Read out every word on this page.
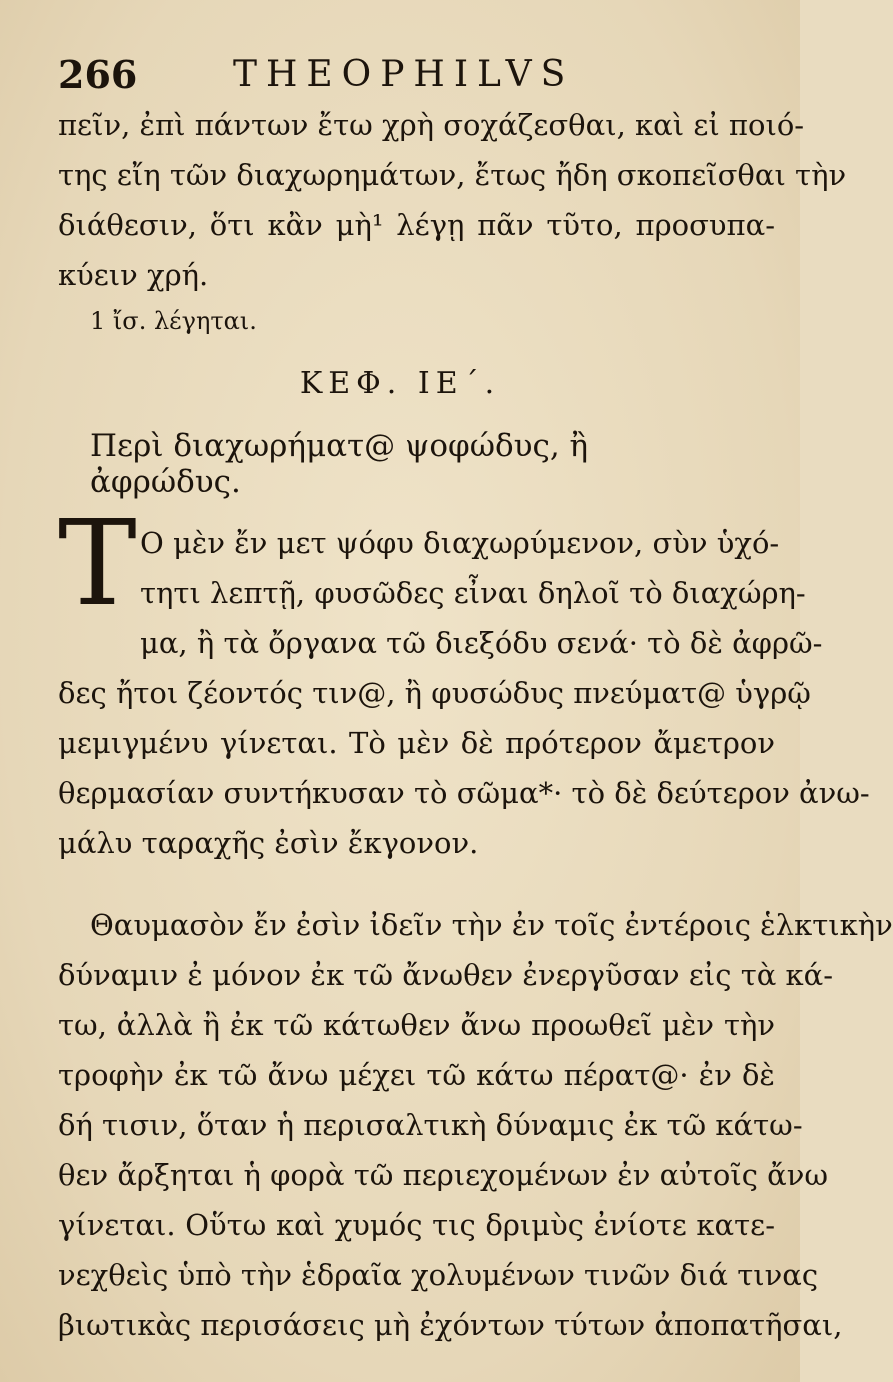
266	THEOPHILVS
πεῖν, ἐπὶ πάντων ἔτω χρὴ σοχάζεσθαι, καὶ εἰ ποιό-
της εἴη τῶν διαχωρημάτων, ἔτως ἤδη σκοπεῖσθαι τὴν
διάθεσιν, ὅτι κἂν μὴ¹ λέγῃ πᾶν τῦτο, προσυπα-
κύειν χρή.
1 ἴσ. λέγηται.
ΚΕΦ. ΙΕ΄.
Περὶ διαχωρήματ@ ψοφώδυς, ἢ ἀφρώδυς.
T Ο μὲν ἔν μετ ψόφυ διαχωρύμενον, σὺν ὑχό-
τητι λεπτῇ, φυσῶδες εἶναι δηλοῖ τὸ διαχώρη-
μα, ἢ τὰ ὄργανα τῶ διεξόδυ σενά· τὸ δὲ ἀφρῶ-
δες ἤτοι ζέοντός τιν@, ἢ φυσώδυς πνεύματ@ ὑγρῷ
μεμιγμένυ γίνεται. Τὸ μὲν δὲ πρότερον ἄμετρον
θερμασίαν συντήκυσαν τὸ σῶμα*· τὸ δὲ δεύτερον ἀνω-
μάλυ ταραχῆς ἐσὶν ἔκγονον.
Θαυμασὸν ἔν ἐσὶν ἰδεῖν τὴν ἐν τοῖς ἐντέροις ἑλκτικὴν
δύναμιν ἐ μόνον ἐκ τῶ ἄνωθεν ἐνεργῦσαν εἰς τὰ κά-
τω, ἀλλὰ ἢ ἐκ τῶ κάτωθεν ἄνω προωθεῖ μὲν τὴν
τροφὴν ἐκ τῶ ἄνω μέχει τῶ κάτω πέρατ@· ἐν δὲ
δή τισιν, ὅταν ἡ περισαλτικὴ δύναμις ἐκ τῶ κάτω-
θεν ἄρξηται ἡ φορὰ τῶ περιεχομένων ἐν αὐτοῖς ἄνω
γίνεται. Οὕτω καὶ χυμός τις δριμὺς ἐνίοτε κατε-
νεχθεὶς ὑπὸ τὴν ἑδραῖα χολυμένων τινῶν διά τινας
βιωτικὰς περισάσεις μὴ ἐχόντων τύτων ἀποπατῆσαι,
